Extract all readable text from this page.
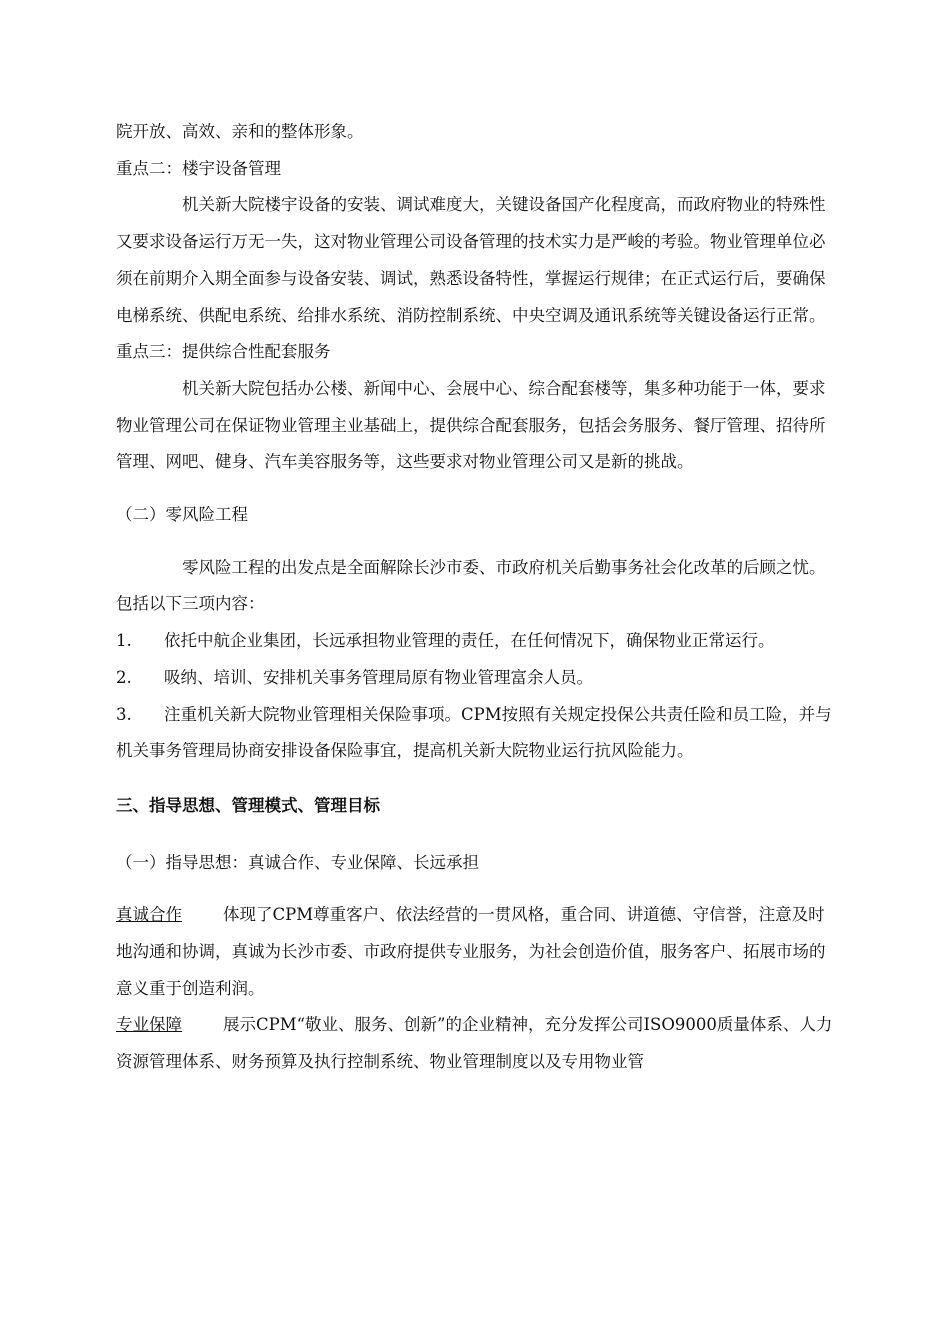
院开放、高效、亲和的整体形象。

重点二：楼宇设备管理

机关新大院楼宇设备的安装、调试难度大，关键设备国产化程度高，而政府物业的特殊性又要求设备运行万无一失，这对物业管理公司设备管理的技术实力是严峻的考验。物业管理单位必须在前期介入期全面参与设备安装、调试，熟悉设备特性，掌握运行规律；在正式运行后，要确保电梯系统、供配电系统、给排水系统、消防控制系统、中央空调及通讯系统等关键设备运行正常。

重点三：提供综合性配套服务

机关新大院包括办公楼、新闻中心、会展中心、综合配套楼等，集多种功能于一体，要求物业管理公司在保证物业管理主业基础上，提供综合配套服务，包括会务服务、餐厅管理、招待所管理、网吧、健身、汽车美容服务等，这些要求对物业管理公司又是新的挑战。

（二）零风险工程

零风险工程的出发点是全面解除长沙市委、市政府机关后勤事务社会化改革的后顾之忧。包括以下三项内容：

1. 依托中航企业集团，长远承担物业管理的责任，在任何情况下，确保物业正常运行。

2. 吸纳、培训、安排机关事务管理局原有物业管理富余人员。

3. 注重机关新大院物业管理相关保险事项。CPM按照有关规定投保公共责任险和员工险，并与机关事务管理局协商安排设备保险事宜，提高机关新大院物业运行抗风险能力。

三、指导思想、管理模式、管理目标

（一）指导思想：真诚合作、专业保障、长远承担

真诚合作 体现了CPM尊重客户、依法经营的一贯风格，重合同、讲道德、守信誉，注意及时地沟通和协调，真诚为长沙市委、市政府提供专业服务，为社会创造价值，服务客户、拓展市场的意义重于创造利润。

专业保障 展示CPM“敬业、服务、创新”的企业精神，充分发挥公司ISO9000质量体系、人力资源管理体系、财务预算及执行控制系统、物业管理制度以及专用物业管
